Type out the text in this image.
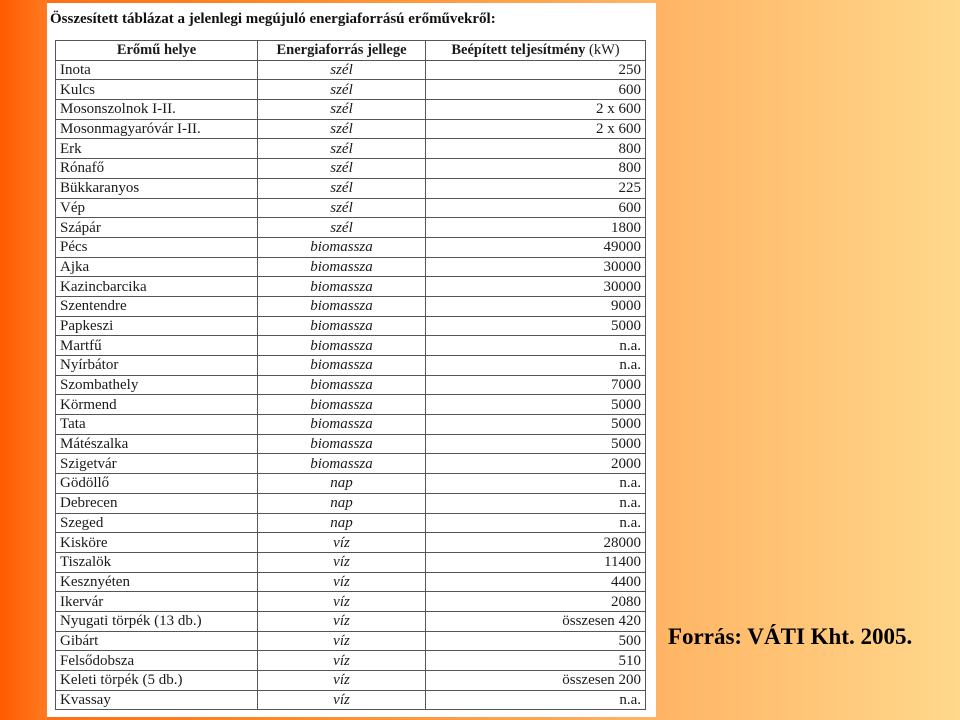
Összesített táblázat a jelenlegi megújuló energiaforrású erőművekről:
Erőmű helye	Energiaforrás jellege	Beépített teljesítmény (kW)
Inota	szél	250
Kulcs	szél	600
Mosonszolnok I-II.	szél	2 x 600
Mosonmagyaróvár I-II.	szél	2 x 600
Erk	szél	800
Rónafő	szél	800
Bükkaranyos	szél	225
Vép	szél	600
Szápár	szél	1800
Pécs	biomassza	49000
Ajka	biomassza	30000
Kazincbarcika	biomassza	30000
Szentendre	biomassza	9000
Papkeszi	biomassza	5000
Martfű	biomassza	n.a.
Nyírbátor	biomassza	n.a.
Szombathely	biomassza	7000
Körmend	biomassza	5000
Tata	biomassza	5000
Mátészalka	biomassza	5000
Szigetvár	biomassza	2000
Gödöllő	nap	n.a.
Debrecen	nap	n.a.
Szeged	nap	n.a.
Kisköre	víz	28000
Tiszalök	víz	11400
Kesznyéten	víz	4400
Ikervár	víz	2080
Nyugati törpék (13 db.)	víz	összesen 420
Gibárt	víz	500
Felsődobsza	víz	510
Keleti törpék (5 db.)	víz	összesen 200
Kvassay	víz	n.a.
Forrás: VÁTI Kht. 2005.
